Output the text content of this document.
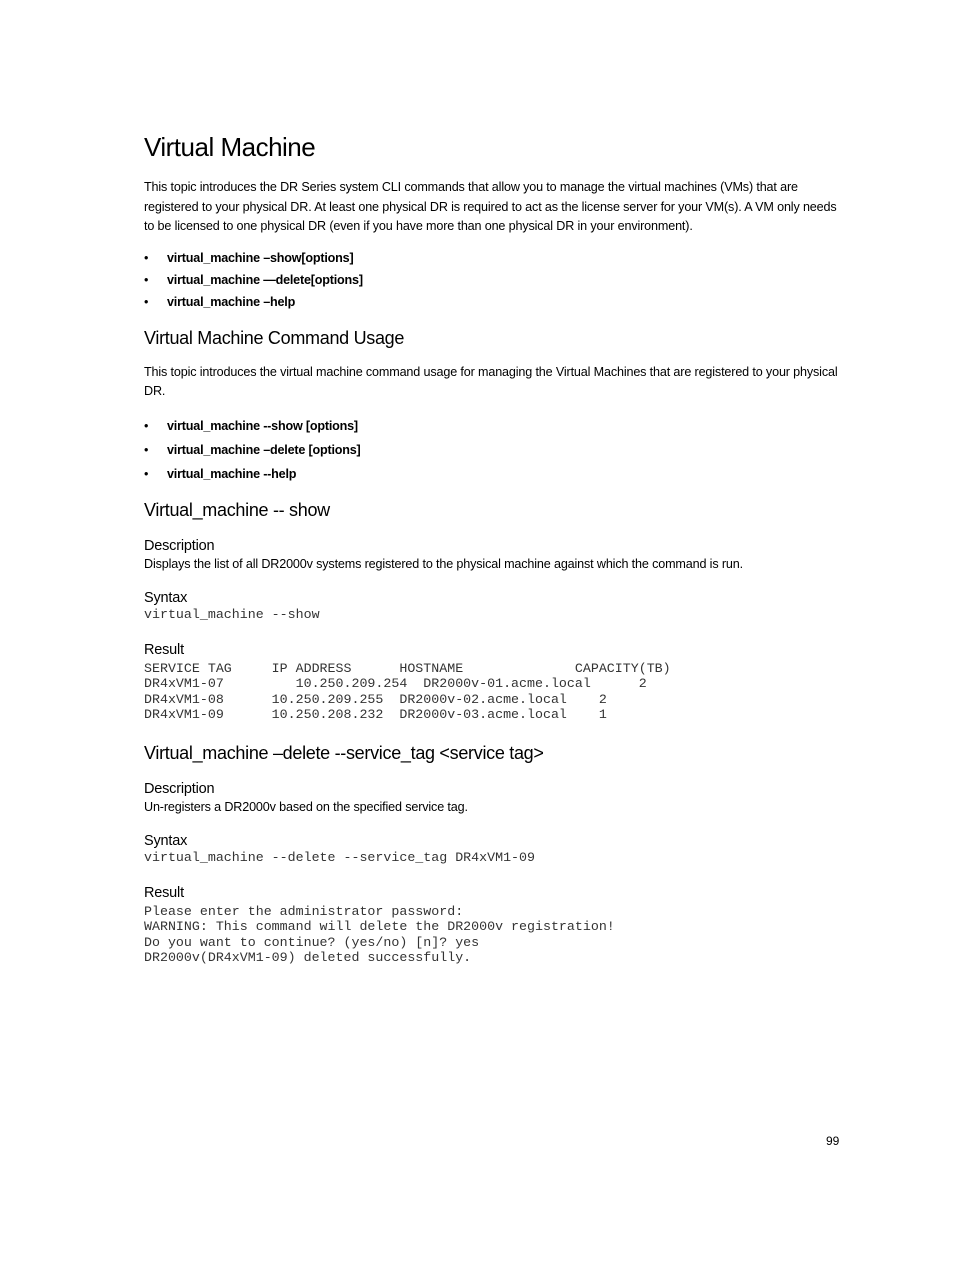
Virtual Machine

This topic introduces the DR Series system CLI commands that allow you to manage the virtual machines (VMs) that are registered to your physical DR. At least one physical DR is required to act as the license server for your VM(s). A VM only needs to be licensed to one physical DR (even if you have more than one physical DR in your environment).

• virtual_machine –show[options]
• virtual_machine —delete[options]
• virtual_machine –help
Virtual Machine Command Usage

This topic introduces the virtual machine command usage for managing the Virtual Machines that are registered to your physical DR.

• virtual_machine --show [options]
• virtual_machine –delete [options]
• virtual_machine --help
Virtual_machine -- show
Description

Displays the list of all DR2000v systems registered to the physical machine against which the command is run.

Syntax
virtual_machine --show
Result
SERVICE TAG     IP ADDRESS      HOSTNAME              CAPACITY(TB)
DR4xVM1-07         10.250.209.254  DR2000v-01.acme.local      2
DR4xVM1-08      10.250.209.255  DR2000v-02.acme.local    2
DR4xVM1-09      10.250.208.232  DR2000v-03.acme.local    1
Virtual_machine –delete --service_tag <service tag>
Description

Un-registers a DR2000v based on the specified service tag.

Syntax
virtual_machine --delete --service_tag DR4xVM1-09
Result
Please enter the administrator password:
WARNING: This command will delete the DR2000v registration!
Do you want to continue? (yes/no) [n]? yes
DR2000v(DR4xVM1-09) deleted successfully.
99
